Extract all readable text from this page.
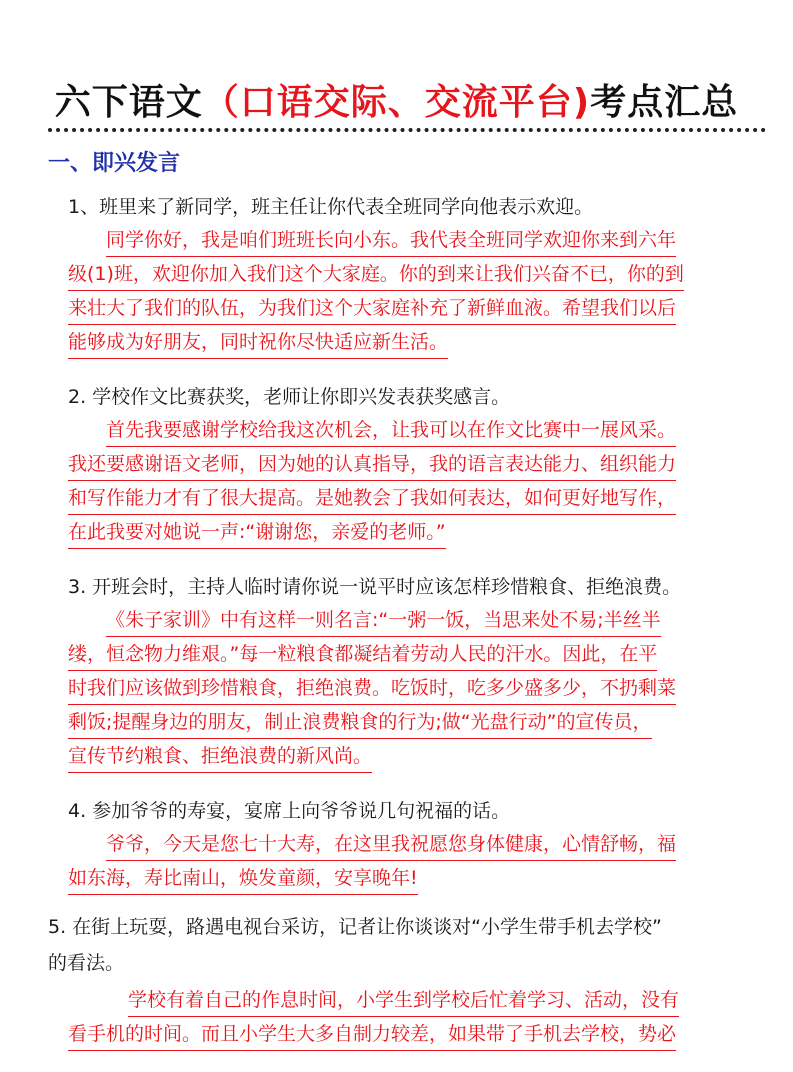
六下语文（口语交际、交流平台)考点汇总
一、即兴发言
1、班里来了新同学，班主任让你代表全班同学向他表示欢迎。
同学你好，我是咱们班班长向小东。我代表全班同学欢迎你来到六年
级(1)班，欢迎你加入我们这个大家庭。你的到来让我们兴奋不已，你的到
来壮大了我们的队伍，为我们这个大家庭补充了新鲜血液。希望我们以后
能够成为好朋友，同时祝你尽快适应新生活。
2. 学校作文比赛获奖，老师让你即兴发表获奖感言。
首先我要感谢学校给我这次机会，让我可以在作文比赛中一展风采。
我还要感谢语文老师，因为她的认真指导，我的语言表达能力、组织能力
和写作能力才有了很大提高。是她教会了我如何表达，如何更好地写作，
在此我要对她说一声:“谢谢您，亲爱的老师。”
3. 开班会时，主持人临时请你说一说平时应该怎样珍惜粮食、拒绝浪费。
《朱子家训》中有这样一则名言:“一粥一饭，当思来处不易;半丝半
缕，恒念物力维艰。”每一粒粮食都凝结着劳动人民的汗水。因此，在平
时我们应该做到珍惜粮食，拒绝浪费。吃饭时，吃多少盛多少，不扔剩菜
剩饭;提醒身边的朋友，制止浪费粮食的行为;做“光盘行动”的宣传员，
宣传节约粮食、拒绝浪费的新风尚。
4. 参加爷爷的寿宴，宴席上向爷爷说几句祝福的话。
爷爷，今天是您七十大寿，在这里我祝愿您身体健康，心情舒畅，福
如东海，寿比南山，焕发童颜，安享晚年!
5. 在街上玩耍，路遇电视台采访，记者让你谈谈对“小学生带手机去学校”
的看法。
学校有着自己的作息时间，小学生到学校后忙着学习、活动，没有
看手机的时间。而且小学生大多自制力较差，如果带了手机去学校，势必
